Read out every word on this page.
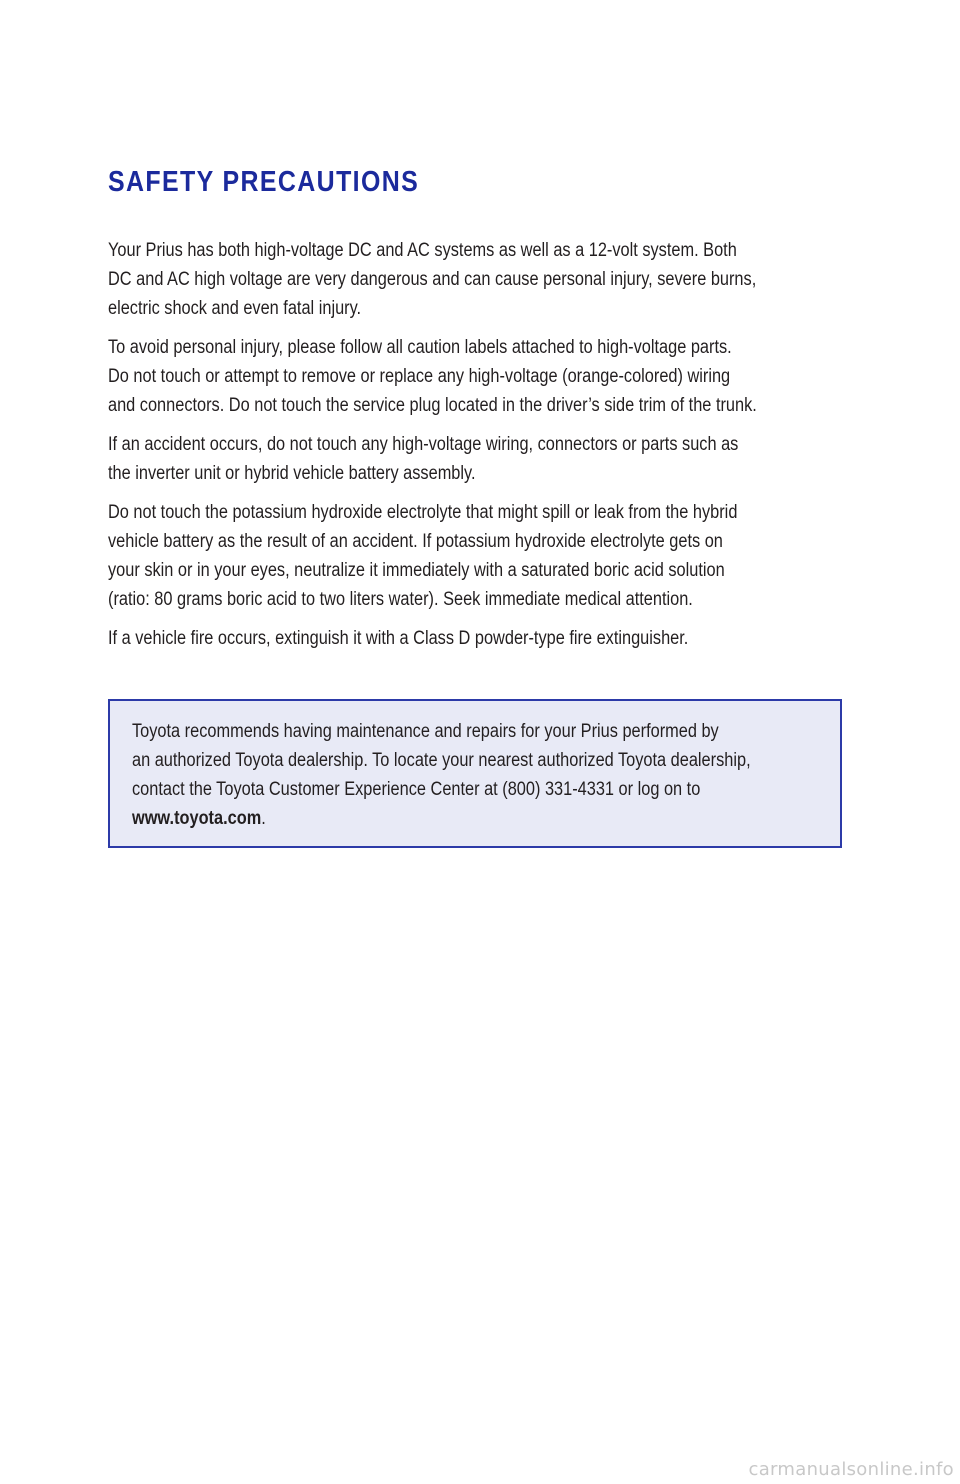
SAFETY PRECAUTIONS

Your Prius has both high-voltage DC and AC systems as well as a 12-volt system. Both
DC and AC high voltage are very dangerous and can cause personal injury, severe burns,
electric shock and even fatal injury.

To avoid personal injury, please follow all caution labels attached to high-voltage parts.
Do not touch or attempt to remove or replace any high-voltage (orange-colored) wiring
and connectors. Do not touch the service plug located in the driver’s side trim of the trunk.

If an accident occurs, do not touch any high-voltage wiring, connectors or parts such as
the inverter unit or hybrid vehicle battery assembly.

Do not touch the potassium hydroxide electrolyte that might spill or leak from the hybrid
vehicle battery as the result of an accident. If potassium hydroxide electrolyte gets on
your skin or in your eyes, neutralize it immediately with a saturated boric acid solution
(ratio: 80 grams boric acid to two liters water). Seek immediate medical attention.

If a vehicle fire occurs, extinguish it with a Class D powder-type fire extinguisher.

Toyota recommends having maintenance and repairs for your Prius performed by
an authorized Toyota dealership. To locate your nearest authorized Toyota dealership,
contact the Toyota Customer Experience Center at (800) 331-4331 or log on to
www.toyota.com.

carmanualsonline.info
